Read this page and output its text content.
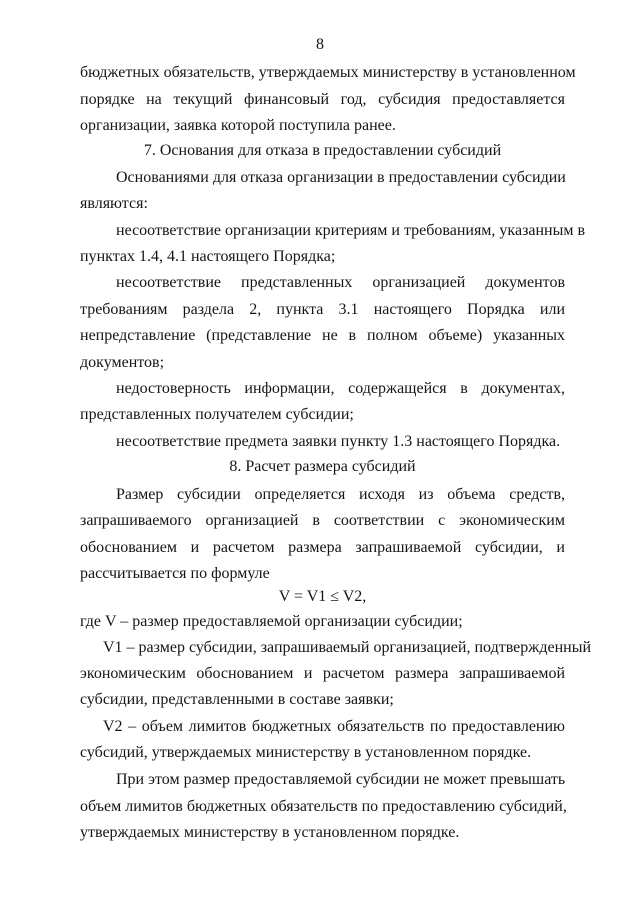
8
бюджетных обязательств, утверждаемых министерству в установленном
порядке на текущий финансовый год, субсидия предоставляется
организации, заявка которой поступила ранее.
7. Основания для отказа в предоставлении субсидий
Основаниями для отказа организации в предоставлении субсидии
являются:
несоответствие организации критериям и требованиям, указанным в
пунктах 1.4, 4.1 настоящего Порядка;
несоответствие представленных организацией документов
требованиям раздела 2, пункта 3.1 настоящего Порядка или
непредставление (представление не в полном объеме) указанных
документов;
недостоверность информации, содержащейся в документах,
представленных получателем субсидии;
несоответствие предмета заявки пункту 1.3 настоящего Порядка.
8. Расчет размера субсидий
Размер субсидии определяется исходя из объема средств,
запрашиваемого организацией в соответствии с экономическим
обоснованием и расчетом размера запрашиваемой субсидии, и
рассчитывается по формуле
V = V1 ≤ V2,
где V – размер предоставляемой организации субсидии;
V1 – размер субсидии, запрашиваемый организацией, подтвержденный
экономическим обоснованием и расчетом размера запрашиваемой
субсидии, представленными в составе заявки;
V2 – объем лимитов бюджетных обязательств по предоставлению
субсидий, утверждаемых министерству в установленном порядке.
При этом размер предоставляемой субсидии не может превышать
объем лимитов бюджетных обязательств по предоставлению субсидий,
утверждаемых министерству в установленном порядке.
